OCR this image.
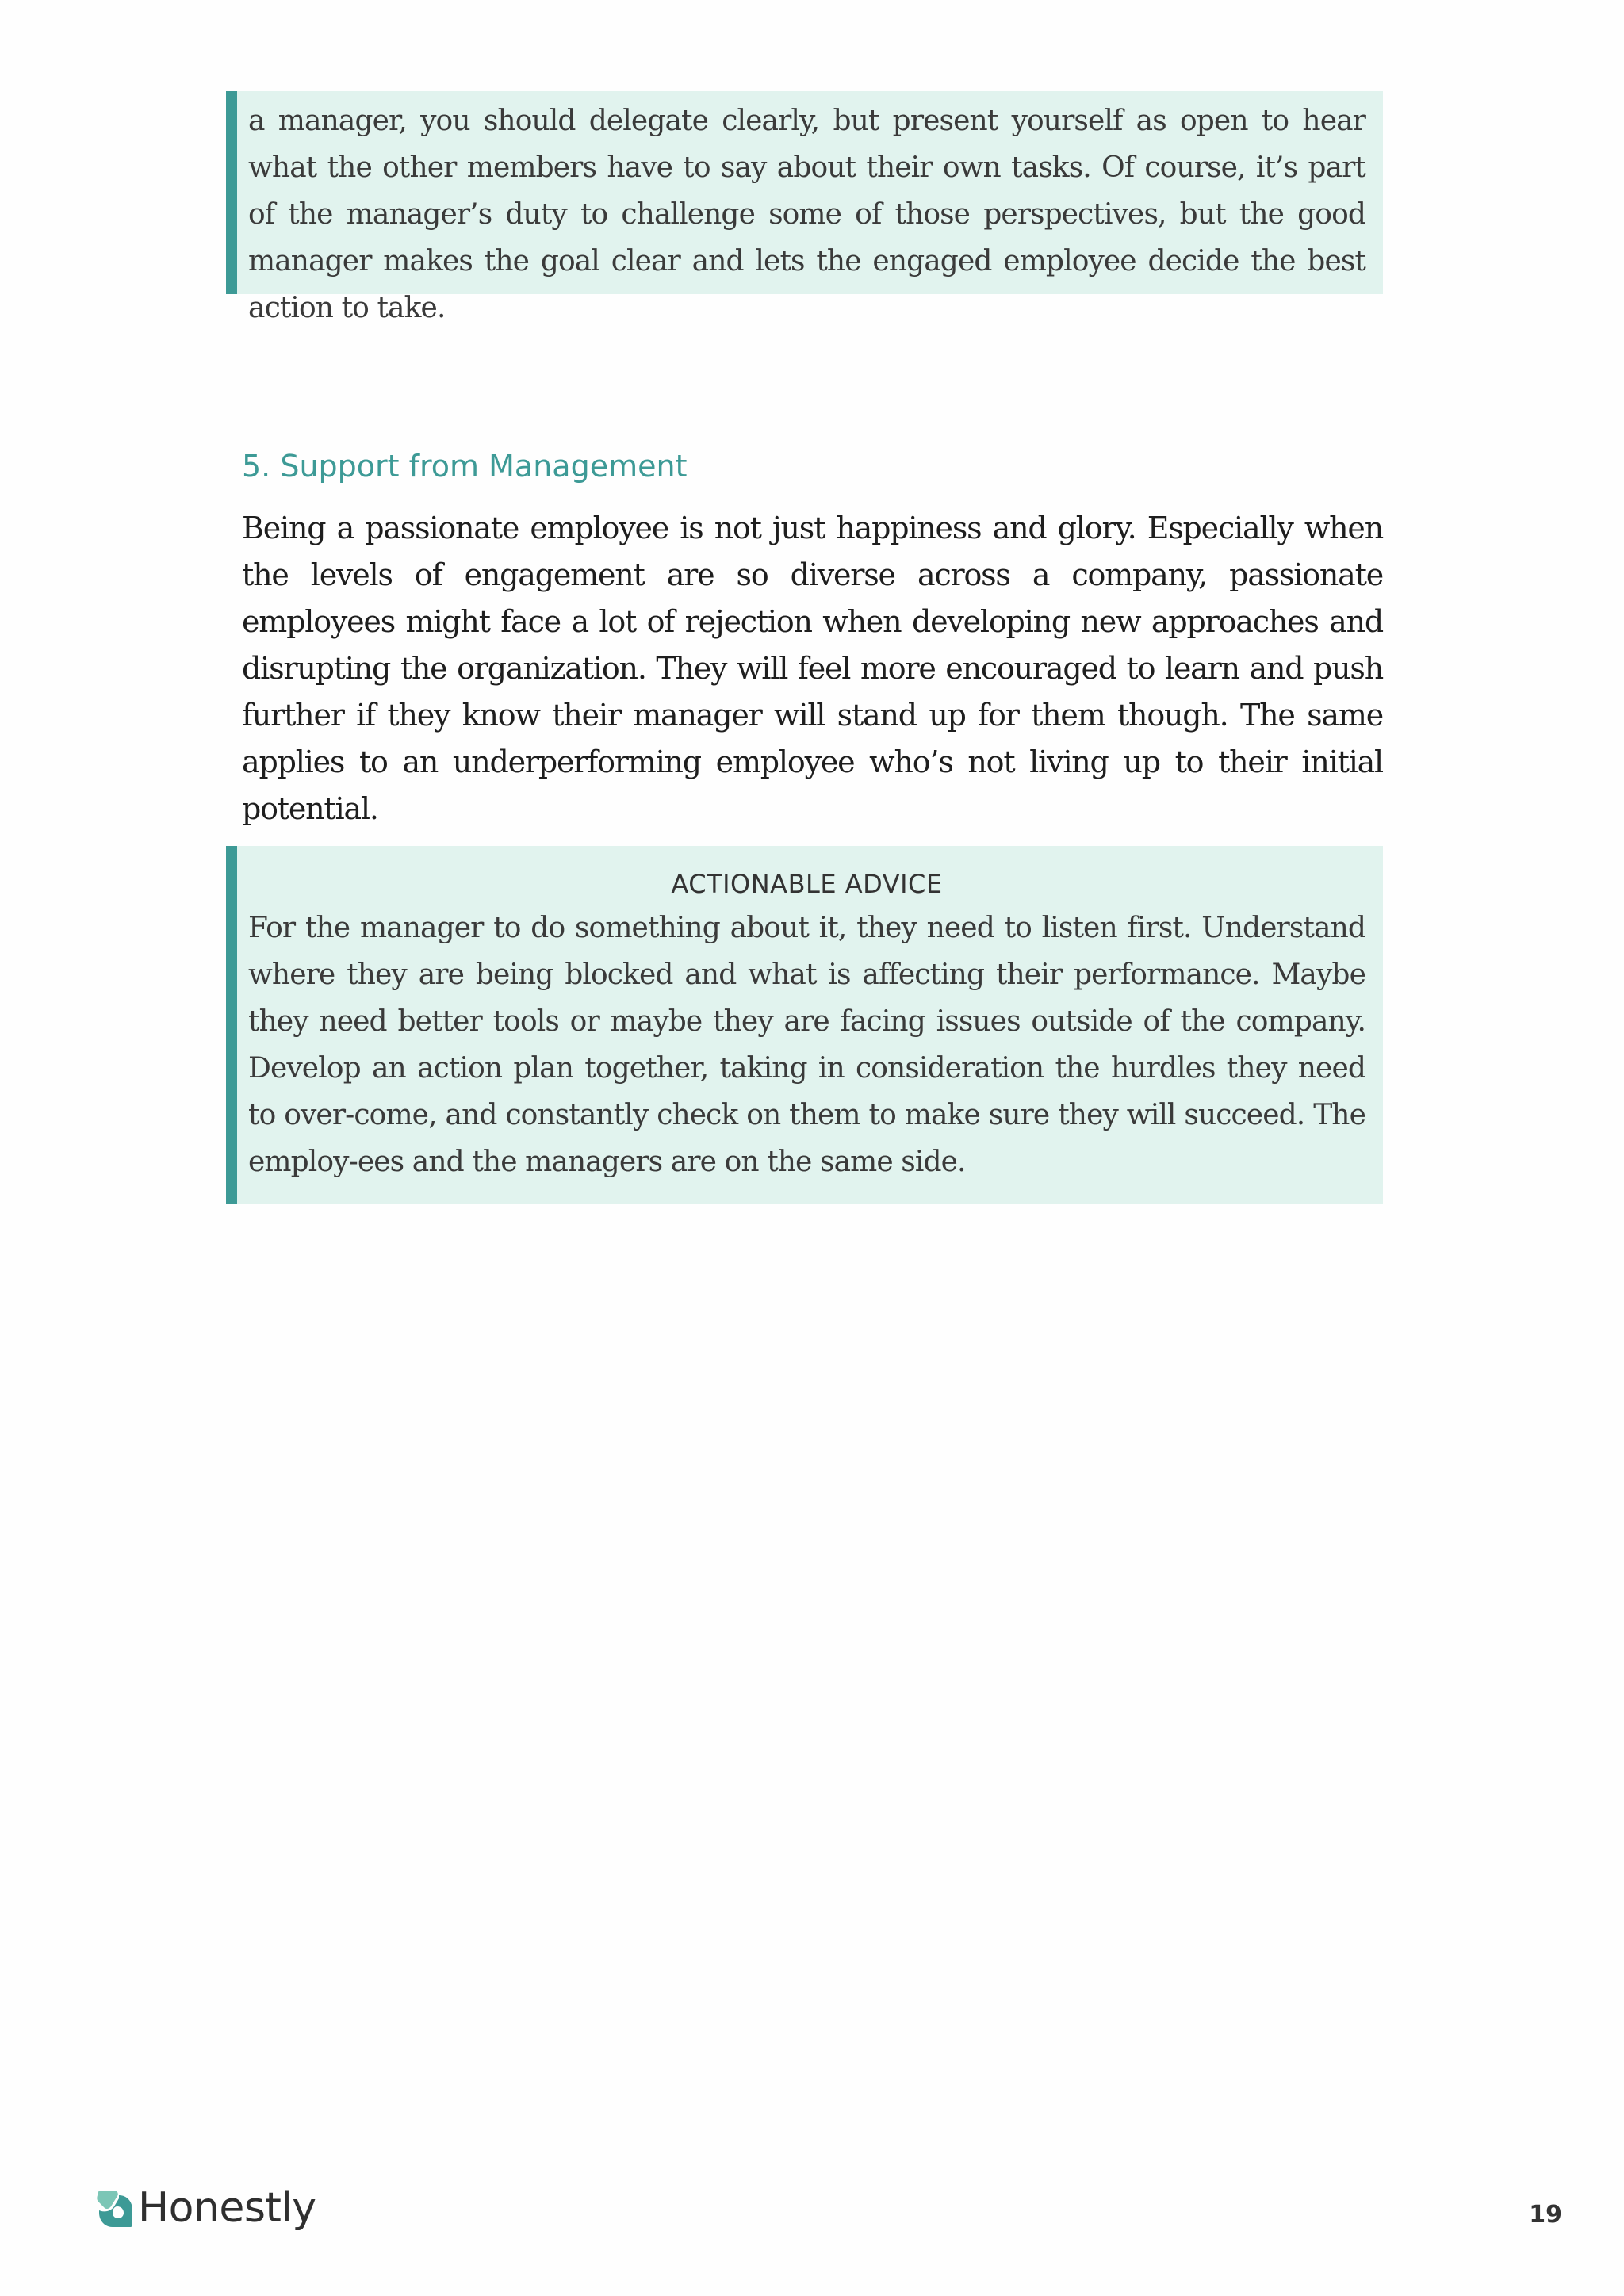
a manager, you should delegate clearly, but present yourself as open to hear what the other members have to say about their own tasks. Of course, it’s part of the manager’s duty to challenge some of those perspectives, but the good manager makes the goal clear and lets the engaged employee decide the best action to take.

5. Support from Management

Being a passionate employee is not just happiness and glory. Especially when the levels of engagement are so diverse across a company, passionate employees might face a lot of rejection when developing new approaches and disrupting the organization. They will feel more encouraged to learn and push further if they know their manager will stand up for them though. The same applies to an underperforming employee who’s not living up to their initial potential.

ACTIONABLE ADVICE

For the manager to do something about it, they need to listen first. Understand where they are being blocked and what is affecting their performance. Maybe they need better tools or maybe they are facing issues outside of the company. Develop an action plan together, taking in consideration the hurdles they need to over-come, and constantly check on them to make sure they will succeed. The employ-ees and the managers are on the same side.

Honestly	19
